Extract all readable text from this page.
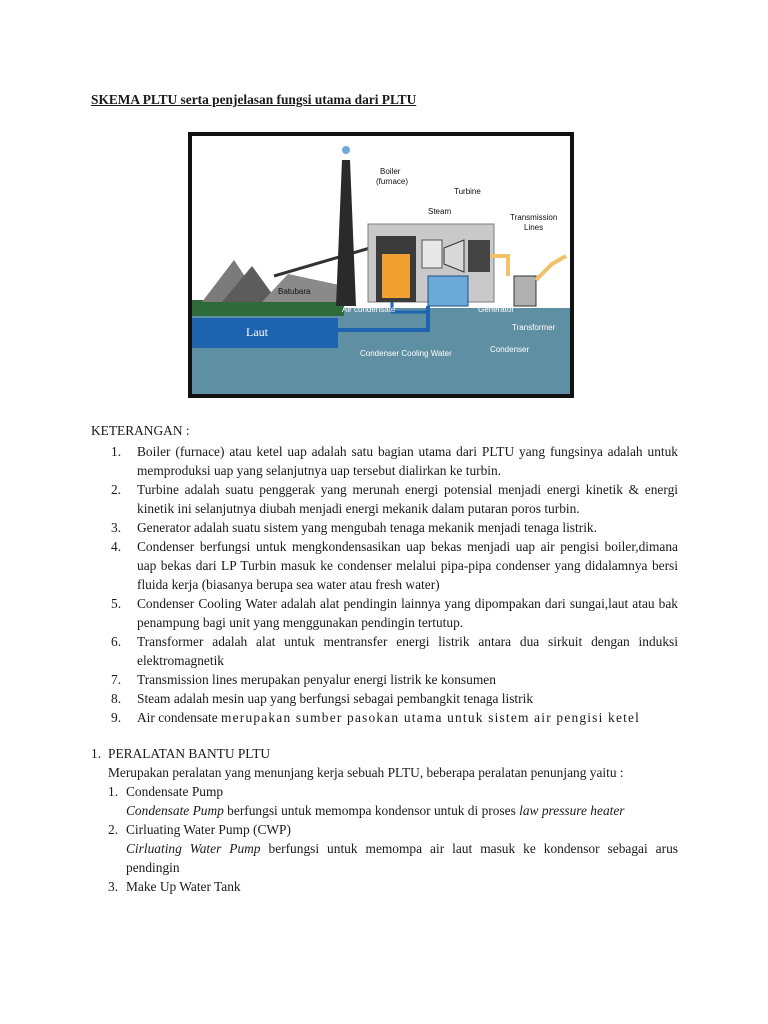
SKEMA PLTU serta penjelasan fungsi utama dari PLTU
Boiler
(furnace)
Turbine
Steam
Transmission
Lines
Batubara
Air condensate	Generator
Transformer
Laut
Condenser
Condenser Cooling Water
KETERANGAN :
1. Boiler (furnace) atau ketel uap adalah satu bagian utama dari PLTU yang fungsinya adalah untuk memproduksi uap yang selanjutnya uap tersebut dialirkan ke turbin.
2. Turbine adalah suatu penggerak yang merunah energi potensial menjadi energi kinetik & energi kinetik ini selanjutnya diubah menjadi energi mekanik dalam putaran poros turbin.
3. Generator adalah suatu sistem yang mengubah tenaga mekanik menjadi tenaga listrik.
4. Condenser berfungsi untuk mengkondensasikan uap bekas menjadi uap air pengisi boiler,dimana uap bekas dari LP Turbin masuk ke condenser melalui pipa-pipa condenser yang didalamnya bersi fluida kerja (biasanya berupa sea water atau fresh water)
5. Condenser Cooling Water adalah alat pendingin lainnya yang dipompakan dari sungai,laut atau bak penampung bagi unit yang menggunakan pendingin tertutup.
6. Transformer adalah alat untuk mentransfer energi listrik antara dua sirkuit dengan induksi elektromagnetik
7. Transmission lines merupakan penyalur energi listrik ke konsumen
8. Steam adalah mesin uap yang berfungsi sebagai pembangkit tenaga listrik
9. Air condensate merupakan sumber pasokan utama untuk sistem air pengisi ketel
1. PERALATAN BANTU PLTU
Merupakan peralatan yang menunjang kerja sebuah PLTU, beberapa peralatan penunjang yaitu :
1. Condensate Pump
Condensate Pump berfungsi untuk memompa kondensor untuk di proses law pressure heater
2. Cirluating Water Pump (CWP)
Cirluating Water Pump berfungsi untuk memompa air laut masuk ke kondensor sebagai arus pendingin
3. Make Up Water Tank
